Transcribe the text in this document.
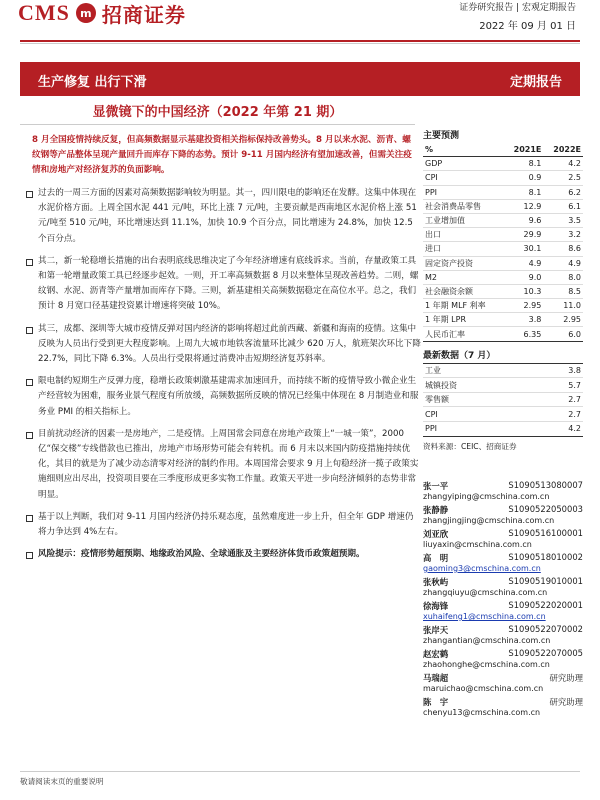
CMS m 招商证券	证券研究报告 | 宏观定期报告
2022 年 09 月 01 日
生产修复 出行下滑	定期报告
显微镜下的中国经济（2022 年第 21 期）
8 月全国疫情持续反复，但高频数据显示基建投资相关指标保持改善势头。8 月以来水泥、沥青、螺纹钢等产品整体呈现产量回升而库存下降的态势。预计 9-11 月国内经济有望加速改善，但需关注疫情和房地产对经济复苏的负面影响。
过去的一周三方面的因素对高频数据影响较为明显。其一，四川限电的影响还在发酵。这集中体现在水泥价格方面。上周全国水泥 441 元/吨，环比上涨 7 元/吨，主要贡献是西南地区水泥价格上涨 51 元/吨至 510 元/吨，环比增速达到 11.1%，加快 10.9 个百分点，同比增速为 24.8%，加快 12.5 个百分点。
其二，新一轮稳增长措施的出台表明底线思维决定了今年经济增速有底线诉求。当前，存量政策工具和第一轮增量政策工具已经逐步起效。一则，开工率高频数据 8 月以来整体呈现改善趋势。二则，螺纹钢、水泥、沥青等产量增加而库存下降。三则，新基建相关高频数据稳定在高位水平。总之，我们预计 8 月宽口径基建投资累计增速将突破 10%。
其三，成都、深圳等大城市疫情反弹对国内经济的影响将超过此前西藏、新疆和海南的疫情。这集中反映为人员出行受到更大程度影响。上周九大城市地铁客流量环比减少 620 万人，航班架次环比下降 22.7%，同比下降 6.3%。人员出行受限将通过消费冲击短期经济复苏斜率。
限电制约短期生产反弹力度，稳增长政策刺激基建需求加速回升，而持续不断的疫情导致小微企业生产经营较为困难，服务业景气程度有所放缓，高频数据所反映的情况已经集中体现在 8 月制造业和服务业 PMI 的相关指标上。
目前扰动经济的因素一是房地产，二是疫情。上周国常会同意在房地产政策上“一城一策”，2000 亿“保交楼”专线借款也已推出，房地产市场形势可能会有转机。而 6 月末以来国内防疫措施持续优化，其目的就是为了减少动态清零对经济的制约作用。本周国常会要求 9 月上旬稳经济一揽子政策实施细则应出尽出，投资项目要在三季度形成更多实物工作量。政策天平进一步向经济倾斜的态势非常明显。
基于以上判断，我们对 9-11 月国内经济仍持乐观态度，虽然难度进一步上升，但全年 GDP 增速仍将力争达到 4%左右。
风险提示：疫情形势超预期、地缘政治风险、全球通胀及主要经济体货币政策超预期。
主要预测
%	2021E	2022E
GDP	8.1	4.2
CPI	0.9	2.5
PPI	8.1	6.2
社会消费品零售	12.9	6.1
工业增加值	9.6	3.5
出口	29.9	3.2
进口	30.1	8.6
固定资产投资	4.9	4.9
M2	9.0	8.0
社会融资余额	10.3	8.5
1 年期 MLF 利率	2.95	11.0
1 年期 LPR	3.8	2.95
人民币汇率	6.35	6.0
最新数据（7 月）
工业	3.8
城镇投资	5.7
零售额	2.7
CPI	2.7
PPI	4.2
资料来源：CEIC、招商证券
张一平	S1090513080007
zhangyiping@cmschina.com.cn
张静静	S1090522050003
zhangjingjing@cmschina.com.cn
刘亚欣	S1090516100001
liuyaxin@cmschina.com.cn
高　明	S1090518010002
gaoming3@cmschina.com.cn
张秋屿	S1090519010001
zhangqiuyu@cmschina.com.cn
徐海锋	S1090522020001
xuhaifeng1@cmschina.com.cn
张岸天	S1090522070002
zhangantian@cmschina.com.cn
赵宏鹤	S1090522070005
zhaohonghe@cmschina.com.cn
马瑞超	研究助理
maruichao@cmschina.com.cn
陈　宇	研究助理
chenyu13@cmschina.com.cn
敬请阅读末页的重要说明
